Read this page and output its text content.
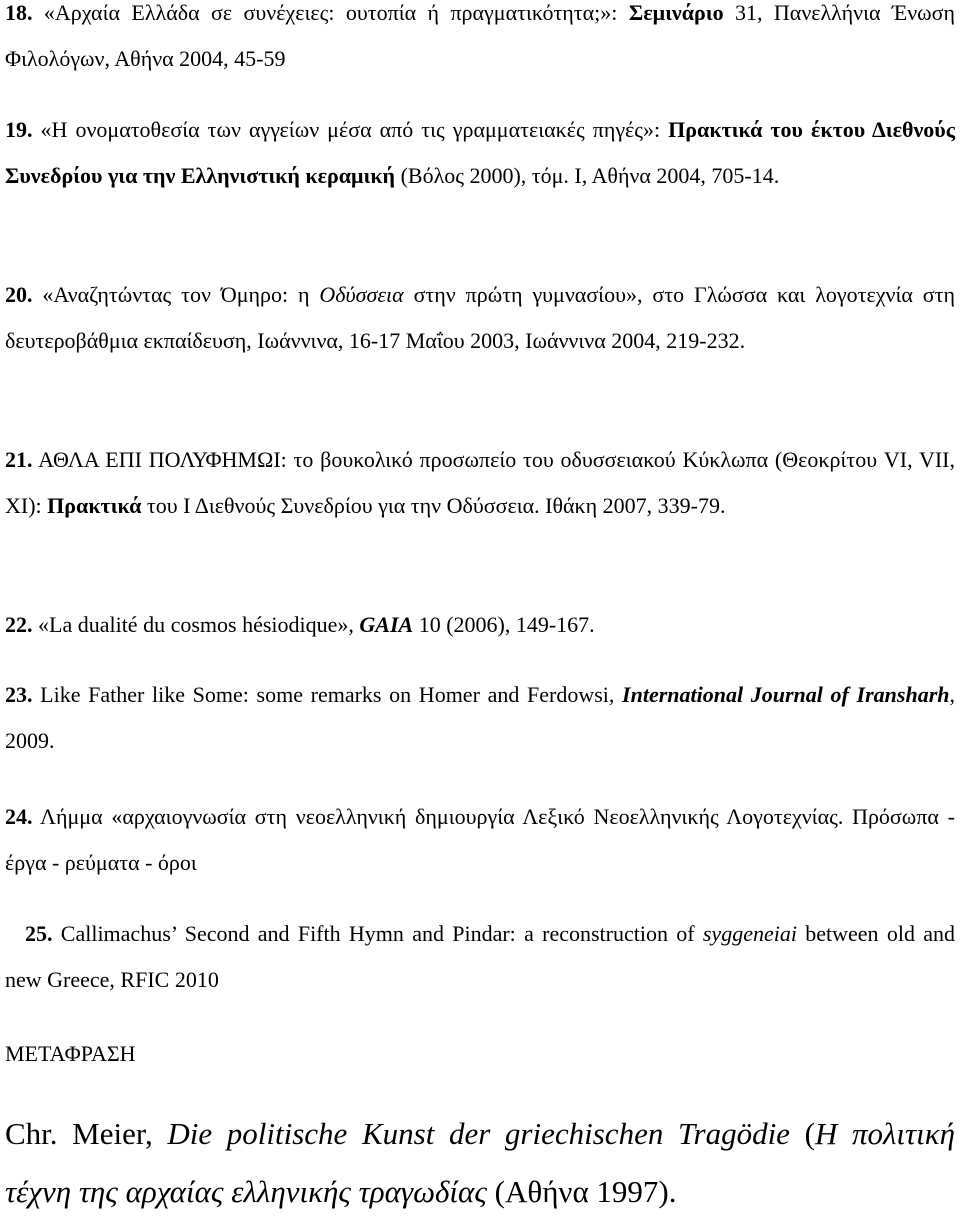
18. «Αρχαία Ελλάδα σε συνέχειες: ουτοπία ή πραγματικότητα;»: Σεμινάριο 31, Πανελλήνια Ένωση Φιλολόγων, Αθήνα 2004, 45-59
19. «Η ονοματοθεσία των αγγείων μέσα από τις γραμματειακές πηγές»: Πρακτικά του έκτου Διεθνούς Συνεδρίου για την Ελληνιστική κεραμική (Βόλος 2000), τόμ. Ι, Αθήνα 2004, 705-14.
20. «Αναζητώντας τον Όμηρο: η Οδύσσεια στην πρώτη γυμνασίου», στο Γλώσσα και λογοτεχνία στη δευτεροβάθμια εκπαίδευση, Ιωάννινα, 16-17 Μαΐου 2003, Ιωάννινα 2004, 219-232.
21. ΑΘΛΑ ΕΠΙ ΠΟΛΥΦΗΜΩΙ: το βουκολικό προσωπείο του οδυσσειακού Κύκλωπα (Θεοκρίτου VI, VII, XI): Πρακτικά του Ι Διεθνούς Συνεδρίου για την Οδύσσεια. Ιθάκη 2007, 339-79.
22. «La dualité du cosmos hésiodique», GAIA 10 (2006), 149-167.
23. Like Father like Some: some remarks on Homer and Ferdowsi, International Journal of Iransharh, 2009.
24. Λήμμα «αρχαιογνωσία στη νεοελληνική δημιουργία Λεξικό Νεοελληνικής Λογοτεχνίας. Πρόσωπα - έργα - ρεύματα - όροι
25. Callimachus’ Second and Fifth Hymn and Pindar: a reconstruction of syggeneiai between old and new Greece, RFIC 2010
ΜΕΤΑΦΡΑΣΗ
Chr. Meier, Die politische Kunst der griechischen Tragödie (Η πολιτική τέχνη της αρχαίας ελληνικής τραγωδίας (Αθήνα 1997).
